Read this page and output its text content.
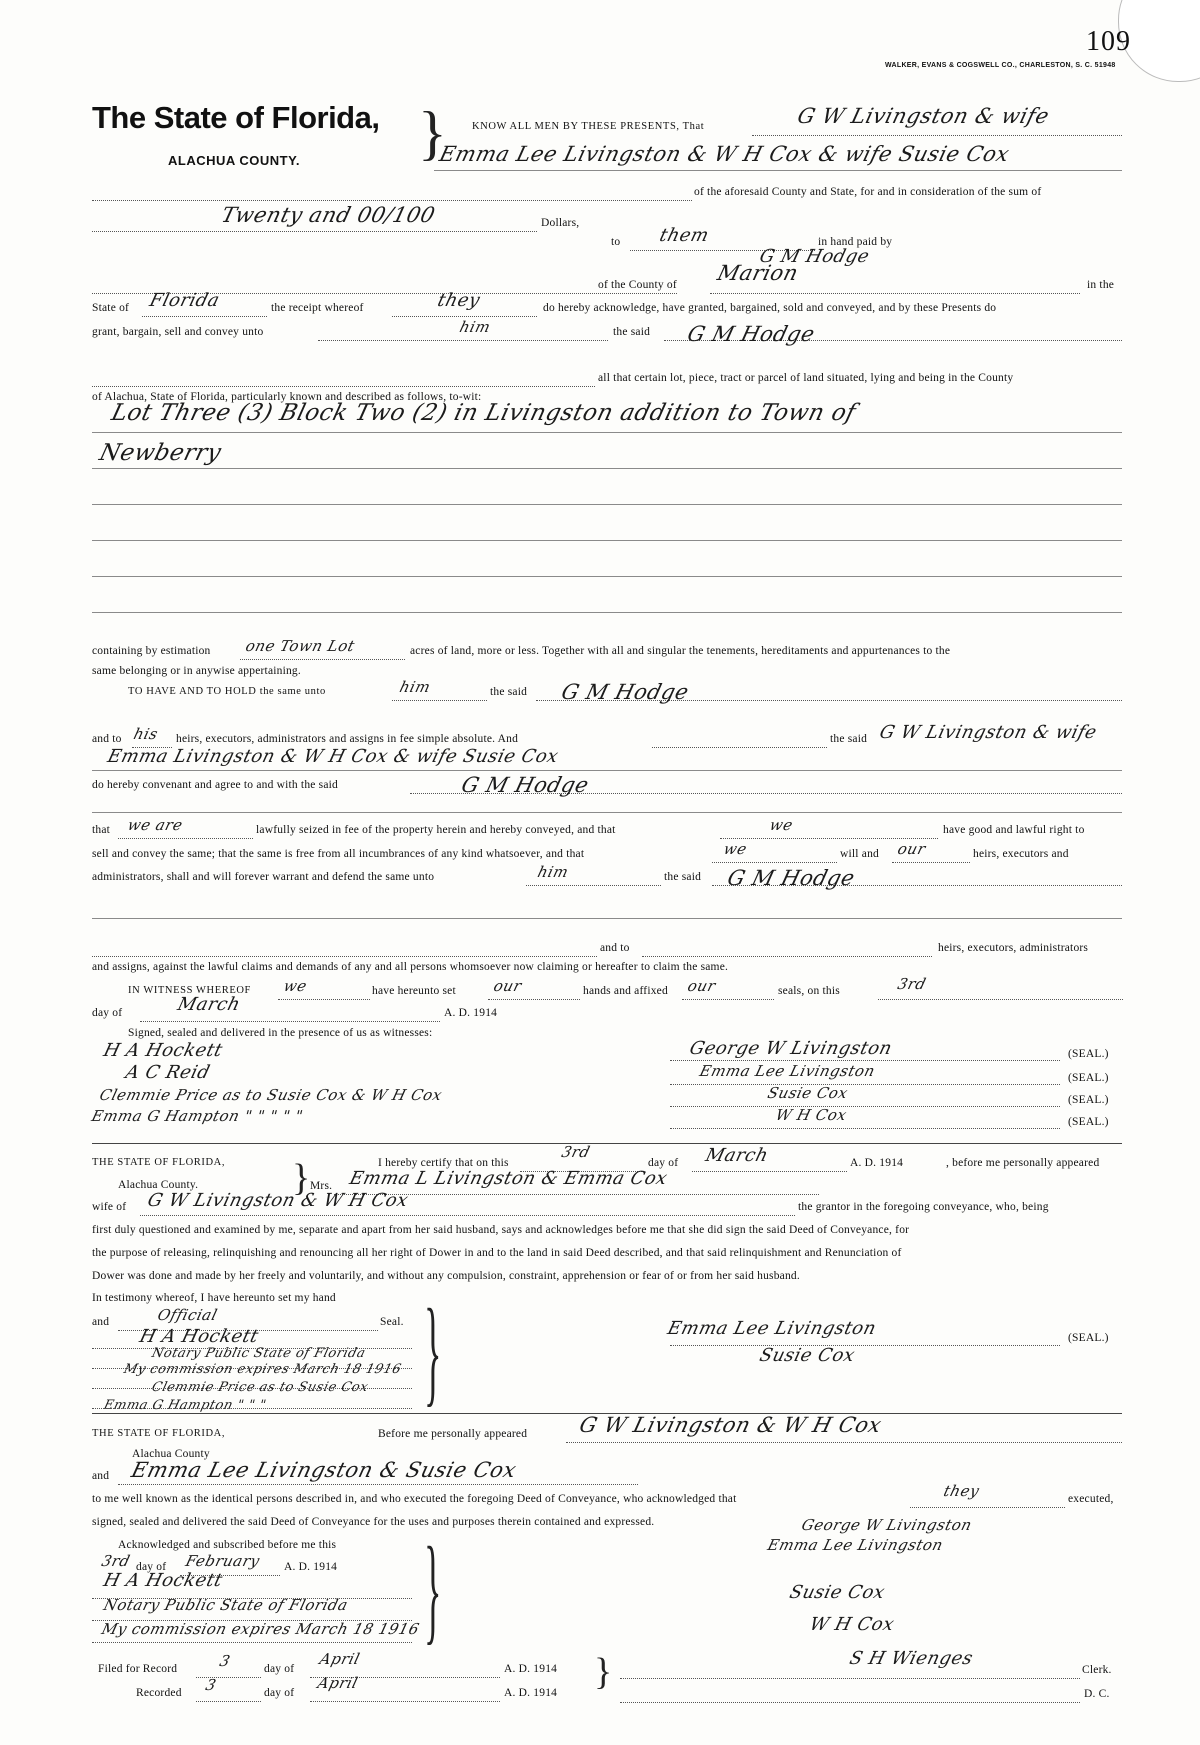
109
WALKER, EVANS & COGSWELL CO., CHARLESTON, S. C. 51948
The State of Florida,
ALACHUA COUNTY. } KNOW ALL MEN BY THESE PRESENTS, That	G W Livingston & wife
Emma Lee Livingston & W H Cox & wife Susie Cox
of the aforesaid County and State, for and in consideration of the sum of
Twenty and 00/100	Dollars,
to them	in hand paid by
G M Hodge
of the County of Marion	in the
State of Florida	the receipt whereof	they	do hereby acknowledge, have granted, bargained, sold and conveyed, and by these Presents do
grant, bargain, sell and convey unto	him	the said G M Hodge
all that certain lot, piece, tract or parcel of land situated, lying and being in the County
of Alachua, State of Florida, particularly known and described as follows, to-wit:
Lot Three (3) Block Two (2) in Livingston addition to Town of
Newberry
containing by estimation one Town Lot	acres of land, more or less. Together with all and singular the tenements, hereditaments and appurtenances to the
same belonging or in anywise appertaining.
TO HAVE AND TO HOLD the same unto	him	the said G M Hodge
and to his heirs, executors, administrators and assigns in fee simple absolute. And	the said G W Livingston & wife
Emma Livingston & W H Cox & wife Susie Cox
do hereby convenant and agree to and with the said	G M Hodge
that we are	lawfully seized in fee of the property herein and hereby conveyed, and that	we	have good and lawful right to
sell and convey the same; that the same is free from all incumbrances of any kind whatsoever, and that	we	will and our	heirs, executors and
administrators, shall and will forever warrant and defend the same unto	him	the said G M Hodge
and to	heirs, executors, administrators
and assigns, against the lawful claims and demands of any and all persons whomsoever now claiming or hereafter to claim the same.
IN WITNESS WHEREOF we	have hereunto set our	hands and affixed our	seals, on this	3rd
day of	March	A. D. 1914
Signed, sealed and delivered in the presence of us as witnesses:
H A Hockett
A C Reid
Clemmie Price as to Susie Cox & W H Cox
Emma G Hampton " " " " "
George W Livingston	(SEAL.)
Emma Lee Livingston	(SEAL.)
Susie Cox	(SEAL.)
W H Cox	(SEAL.)
THE STATE OF FLORIDA,	I hereby certify that on this
3rd
day of March	A. D. 1914	, before me personally appeared
Alachua County. } Mrs. Emma L Livingston & Emma Cox
wife of G W Livingston & W H Cox	the grantor in the foregoing conveyance, who, being
first duly questioned and examined by me, separate and apart from her said husband, says and acknowledges before me that she did sign the said Deed of Conveyance, for
the purpose of releasing, relinquishing and renouncing all her right of Dower in and to the land in said Deed described, and that said relinquishment and Renunciation of
Dower was done and made by her freely and voluntarily, and without any compulsion, constraint, apprehension or fear of or from her said husband.
In testimony whereof, I have hereunto set my hand
and	Official	Seal.
H A Hockett
Notary Public State of Florida
My commission expires March 18 1916
Clemmie Price as to Susie Cox
Emma G Hampton " " " }	Emma Lee Livingston	(SEAL.)
Susie Cox
THE STATE OF FLORIDA,	Before me personally appeared G W Livingston & W H Cox
Alachua County
and Emma Lee Livingston & Susie Cox
to me well known as the identical persons described in, and who executed the foregoing Deed of Conveyance, who acknowledged that	they	executed,
signed, sealed and delivered the said Deed of Conveyance for the uses and purposes therein contained and expressed.
Acknowledged and subscribed before me this
3rd day of February A. D. 1914
H A Hockett
Notary Public State of Florida
My commission expires March 18 1916 }	George W Livingston
Emma Lee Livingston
Susie Cox
W H Cox
Filed for Record	3	day of
April
A. D. 1914
Recorded 3	day of
April
A. D. 1914 }	S H Wienges
Clerk.
D. C.
